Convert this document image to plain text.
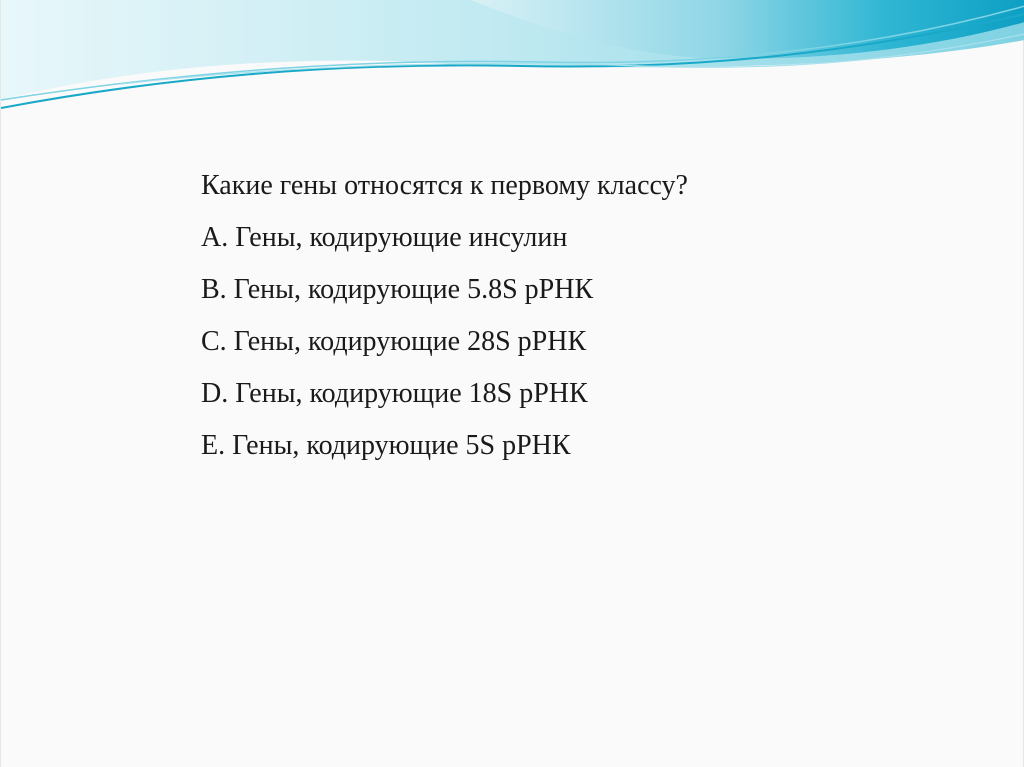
Какие гены относятся к первому классу?
А. Гены, кодирующие инсулин
В. Гены, кодирующие 5.8S рРНК
С. Гены, кодирующие 28S рРНК
D. Гены, кодирующие 18S рРНК
Е. Гены, кодирующие 5S рРНК
